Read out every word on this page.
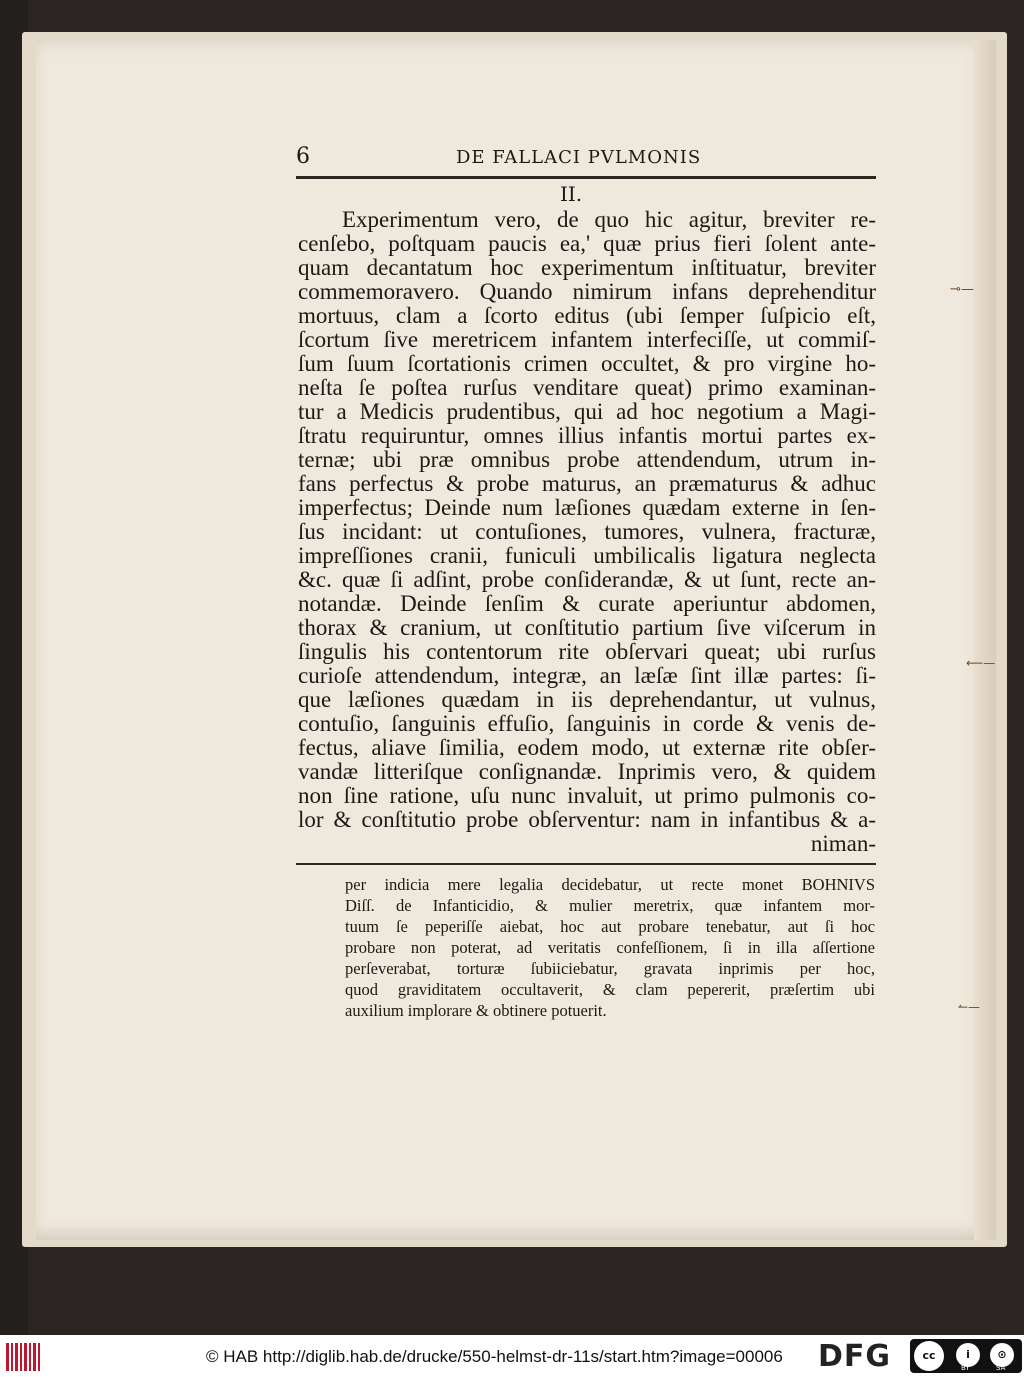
⊸—
⟵—
↼—
6	DE FALLACI PVLMONIS
II.
Experimentum vero, de quo hic agitur, breviter re-
cenſebo, poſtquam paucis ea,' quæ prius fieri ſolent ante-
quam decantatum hoc experimentum inſtituatur, breviter
commemoravero. Quando nimirum infans deprehenditur
mortuus, clam a ſcorto editus (ubi ſemper ſuſpicio eſt,
ſcortum ſive meretricem infantem interfeciſſe, ut commiſ-
ſum ſuum ſcortationis crimen occultet, & pro virgine ho-
neſta ſe poſtea rurſus venditare queat) primo examinan-
tur a Medicis prudentibus, qui ad hoc negotium a Magi-
ſtratu requiruntur, omnes illius infantis mortui partes ex-
ternæ; ubi præ omnibus probe attendendum, utrum in-
fans perfectus & probe maturus, an præmaturus & adhuc
imperfectus; Deinde num læſiones quædam externe in ſen-
ſus incidant: ut contuſiones, tumores, vulnera, fracturæ,
impreſſiones cranii, funiculi umbilicalis ligatura neglecta
&c. quæ ſi adſint, probe conſiderandæ, & ut ſunt, recte an-
notandæ. Deinde ſenſim & curate aperiuntur abdomen,
thorax & cranium, ut conſtitutio partium ſive viſcerum in
ſingulis his contentorum rite obſervari queat; ubi rurſus
curioſe attendendum, integræ, an læſæ ſint illæ partes: ſi-
que læſiones quædam in iis deprehendantur, ut vulnus,
contuſio, ſanguinis effuſio, ſanguinis in corde & venis de-
fectus, aliave ſimilia, eodem modo, ut externæ rite obſer-
vandæ litteriſque conſignandæ. Inprimis vero, & quidem
non ſine ratione, uſu nunc invaluit, ut primo pulmonis co-
lor & conſtitutio probe obſerventur: nam in infantibus & a-
niman-
per indicia mere legalia decidebatur, ut recte monet BOHNIVS
Diſſ. de Infanticidio, & mulier meretrix, quæ infantem mor-
tuum ſe peperiſſe aiebat, hoc aut probare tenebatur, aut ſi hoc
probare non poterat, ad veritatis confeſſionem, ſi in illa aſſertione
perſeverabat, torturæ ſubiiciebatur, gravata inprimis per hoc,
quod graviditatem occultaverit, & clam pepererit, præſertim ubi
auxilium implorare & obtinere potuerit.
© HAB http://diglib.hab.de/drucke/550-helmst-dr-11s/start.htm?image=00006 DFG	cc	i	⊙
BY	SA
